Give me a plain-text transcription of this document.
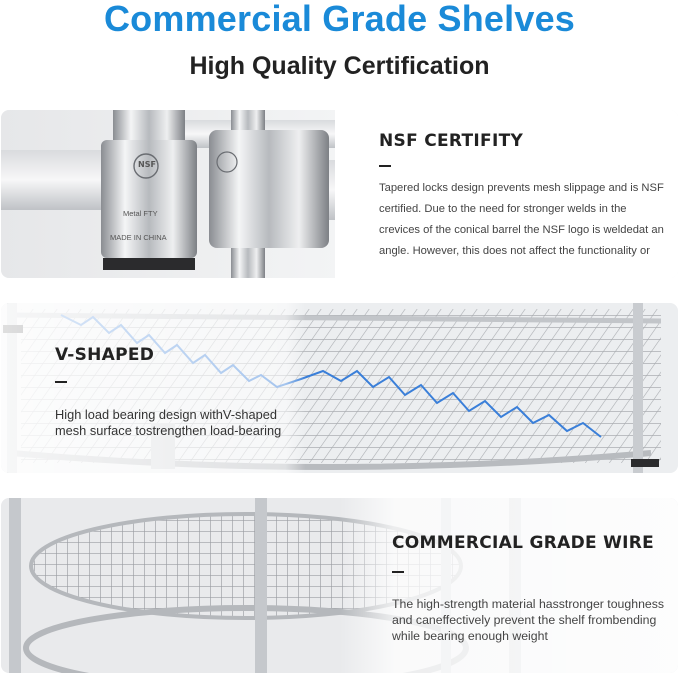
Commercial Grade Shelves
High Quality Certification
NSF
Metal FTY
MADE IN CHINA
NSF CERTIFITY
Tapered locks design prevents mesh slippage and is NSF certified. Due to the need for stronger welds in the crevices of the conical barrel the NSF logo is weldedat an angle. However, this does not affect the functionality or
V-SHAPED
High load bearing design withV-shaped mesh surface tostrengthen load-bearing
COMMERCIAL GRADE WIRE
The high-strength material hasstronger toughness and caneffectively prevent the shelf frombending while bearing enough weight
